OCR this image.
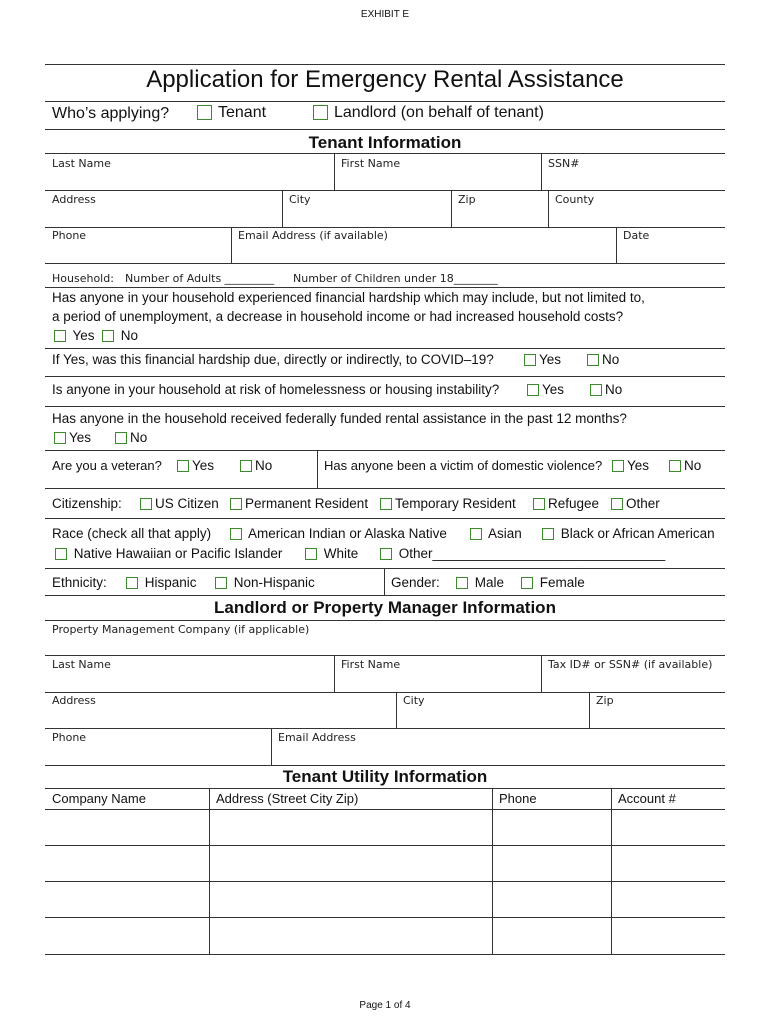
EXHIBIT E
Application for Emergency Rental Assistance
Who’s applying?	Tenant	Landlord (on behalf of tenant)
Tenant Information
Last Name	First Name	SSN#
Address	City	Zip	County
Phone	Email Address (if available)	Date
Household: Number of Adults _________ Number of Children under 18________
Has anyone in your household experienced financial hardship which may include, but not limited to,
a period of unemployment, a decrease in household income or had increased household costs?
Yes	No
If Yes, was this financial hardship due, directly or indirectly, to COVID–19?	Yes	No
Is anyone in your household at risk of homelessness or housing instability?	Yes	No
Has anyone in the household received federally funded rental assistance in the past 12 months?
Yes	No
Are you a veteran?	Yes	No	Has anyone been a victim of domestic violence?	Yes	No
Citizenship:	US Citizen	Permanent Resident	Temporary Resident	Refugee	Other
Race (check all that apply)	American Indian or Alaska Native	Asian	Black or African American
Native Hawaiian or Pacific Islander	White	Other_______________________________
Ethnicity:	Hispanic	Non-Hispanic	Gender:	Male	Female
Landlord or Property Manager Information
Property Management Company (if applicable)
Last Name	First Name	Tax ID# or SSN# (if available)
Address	City	Zip
Phone	Email Address
Tenant Utility Information
Company Name	Address (Street City Zip)	Phone	Account #
Page 1 of 4
